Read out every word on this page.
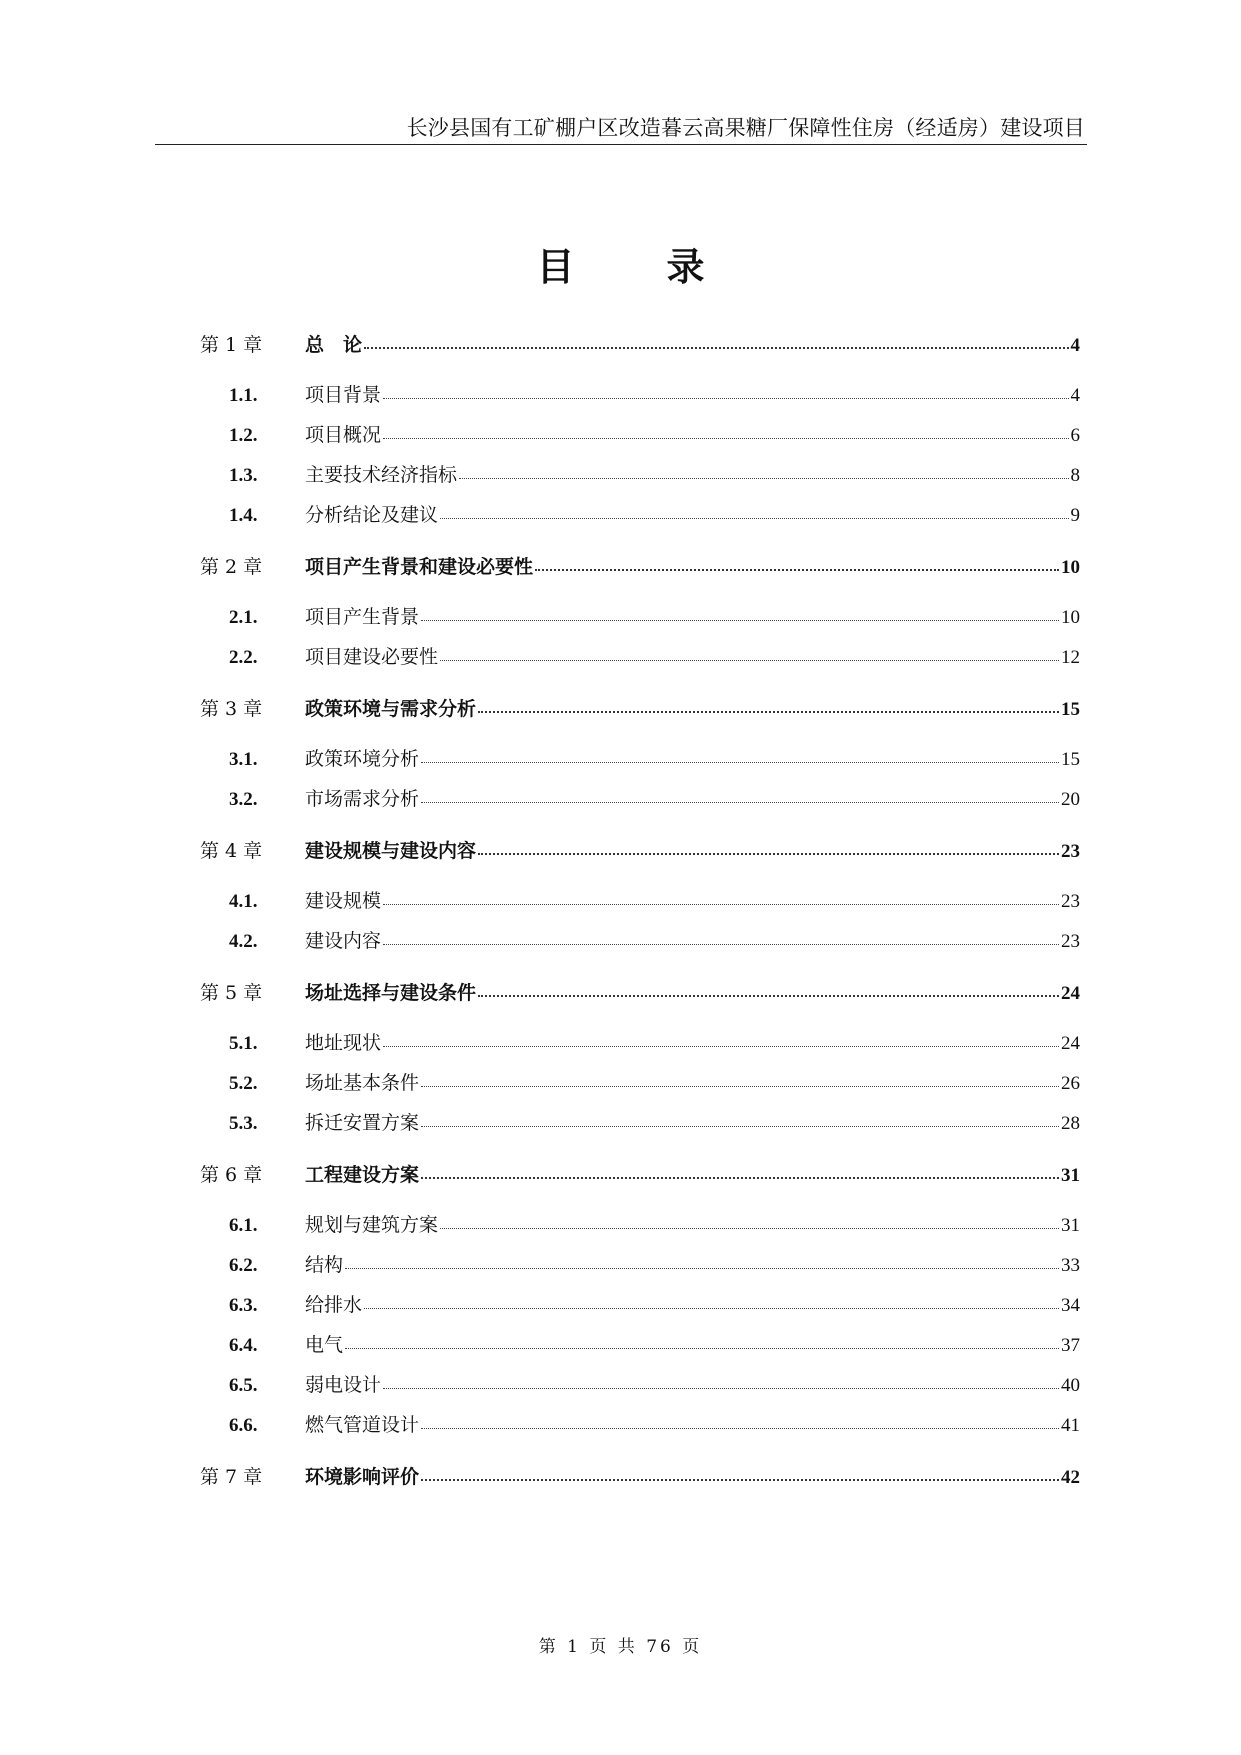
长沙县国有工矿棚户区改造暮云高果糖厂保障性住房（经适房）建设项目
目 录
第 1 章	总　论	4
1.1.	项目背景	4
1.2.	项目概况	6
1.3.	主要技术经济指标	8
1.4.	分析结论及建议	9
第 2 章	项目产生背景和建设必要性	10
2.1.	项目产生背景	10
2.2.	项目建设必要性	12
第 3 章	政策环境与需求分析	15
3.1.	政策环境分析	15
3.2.	市场需求分析	20
第 4 章	建设规模与建设内容	23
4.1.	建设规模	23
4.2.	建设内容	23
第 5 章	场址选择与建设条件	24
5.1.	地址现状	24
5.2.	场址基本条件	26
5.3.	拆迁安置方案	28
第 6 章	工程建设方案	31
6.1.	规划与建筑方案	31
6.2.	结构	33
6.3.	给排水	34
6.4.	电气	37
6.5.	弱电设计	40
6.6.	燃气管道设计	41
第 7 章	环境影响评价	42
第 1 页 共 76 页
